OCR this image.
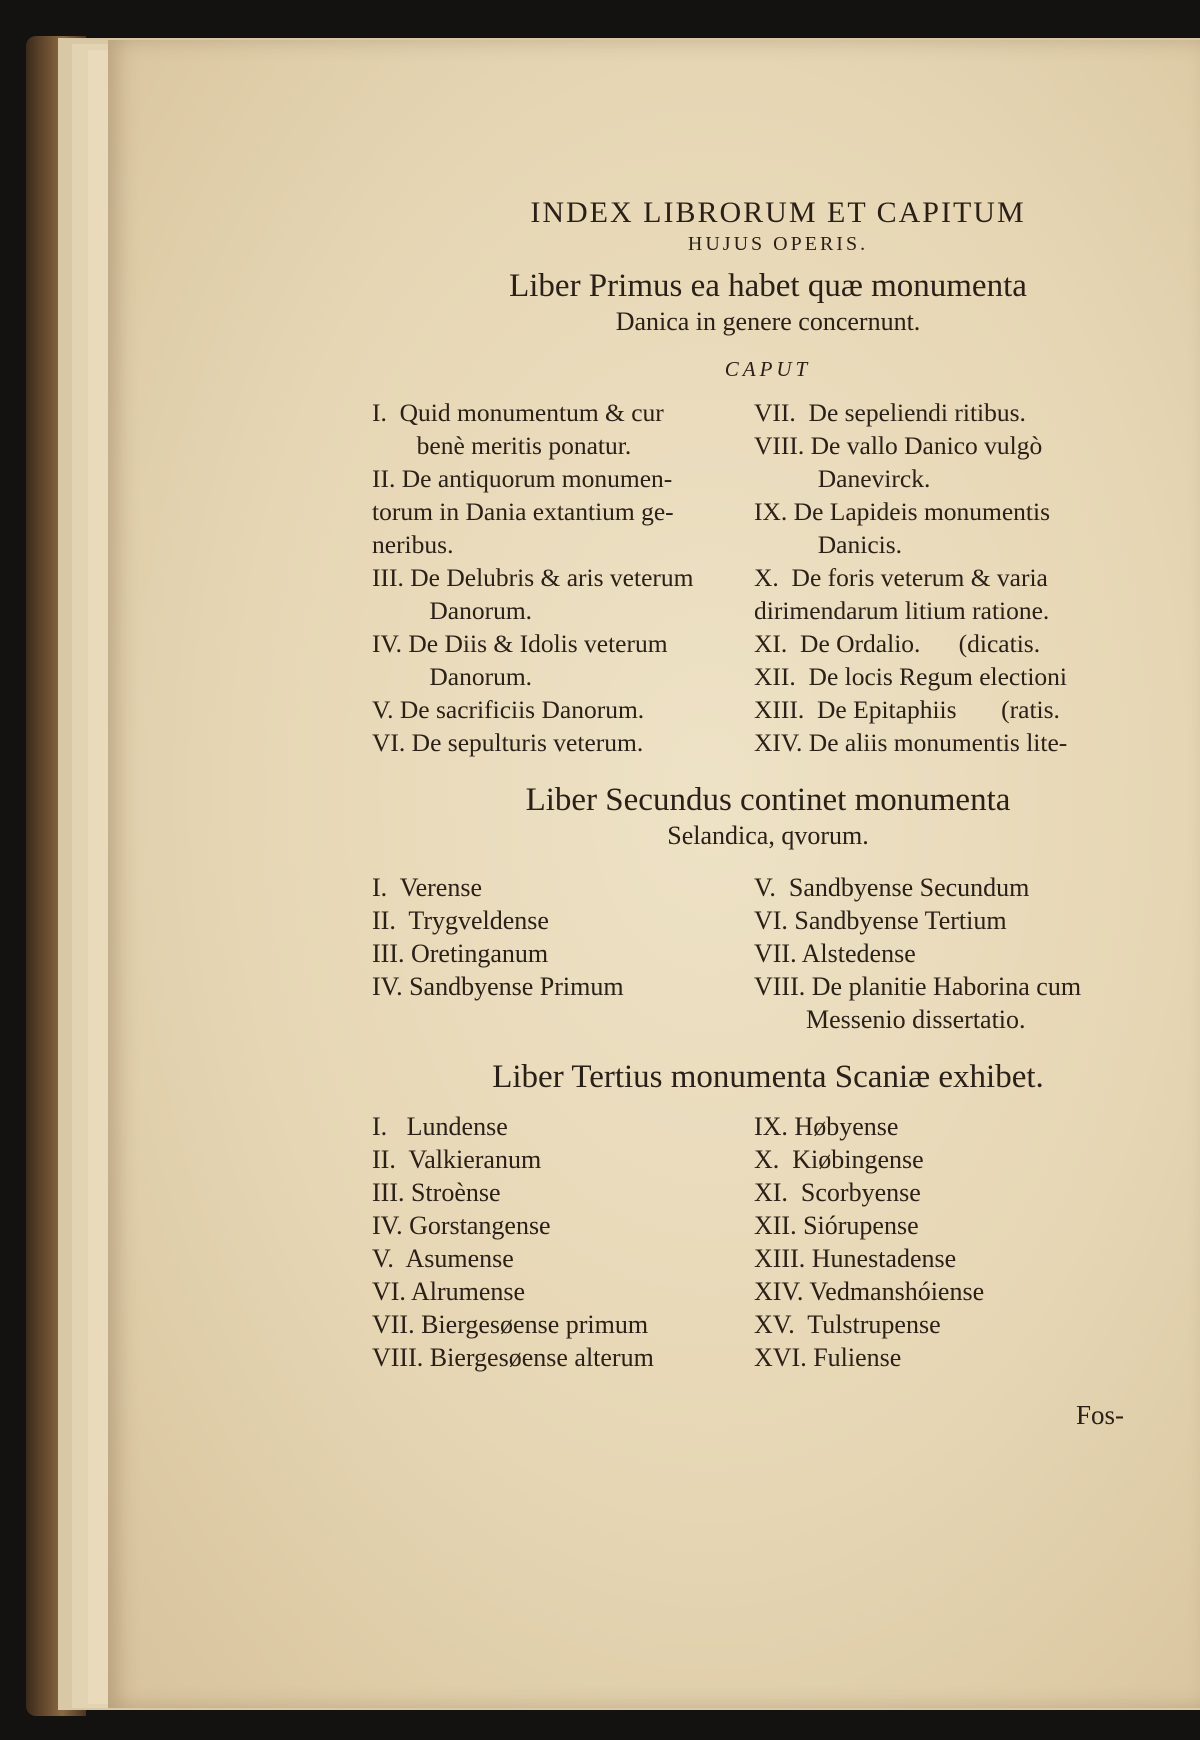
INDEX LIBRORUM ET CAPITUM
HUJUS OPERIS.
Liber Primus ea habet quæ monumenta
Danica in genere concernunt.
CAPUT
I.  Quid monumentum & cur
benè meritis ponatur.
II. De antiquorum monumen-
torum in Dania extantium ge-
neribus.
III. De Delubris & aris veterum
Danorum.
IV. De Diis & Idolis veterum
Danorum.
V. De sacrificiis Danorum.
VI. De sepulturis veterum.
VII.  De sepeliendi ritibus.
VIII. De vallo Danico vulgò
Danevirck.
IX. De Lapideis monumentis
Danicis.
X.  De foris veterum & varia
dirimendarum litium ratione.
XI.  De Ordalio.      (dicatis.
XII.  De locis Regum electioni
XIII.  De Epitaphiis       (ratis.
XIV. De aliis monumentis lite-
Liber Secundus continet monumenta
Selandica, qvorum.
I.  Verense
II.  Trygveldense
III. Oretinganum
IV. Sandbyense Primum
V.  Sandbyense Secundum
VI. Sandbyense Tertium
VII. Alstedense
VIII. De planitie Haborina cum
Messenio dissertatio.
Liber Tertius monumenta Scaniæ exhibet.
I.   Lundense
II.  Valkieranum
III. Stroènse
IV. Gorstangense
V.  Asumense
VI. Alrumense
VII. Biergesøense primum
VIII. Biergesøense alterum
IX. Høbyense
X.  Kiøbingense
XI.  Scorbyense
XII. Siórupense
XIII. Hunestadense
XIV. Vedmanshóiense
XV.  Tulstrupense
XVI. Fuliense
Fos-
